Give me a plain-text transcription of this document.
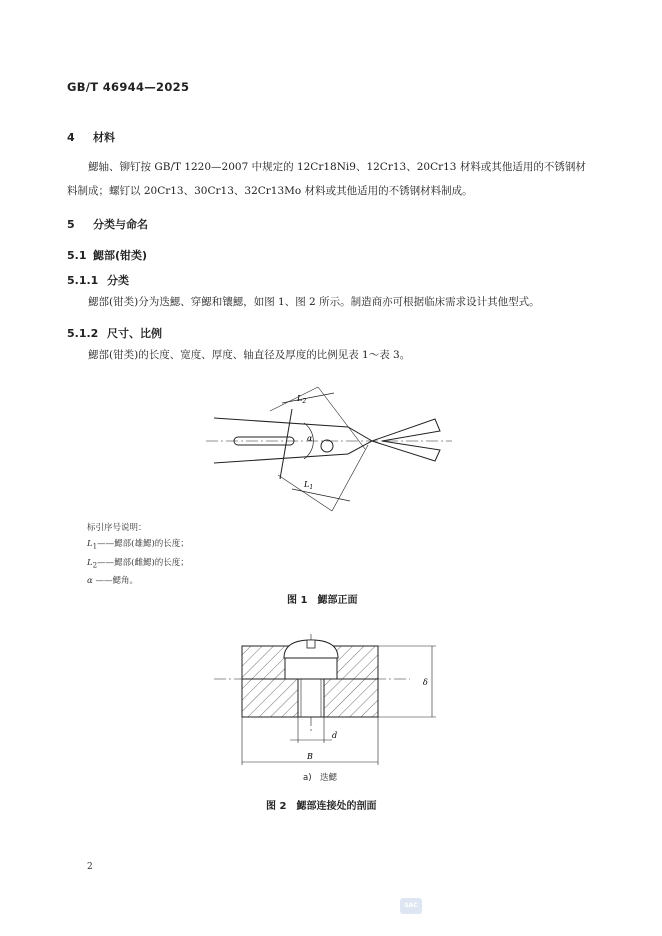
GB/T 46944—2025
4 材料
鰓轴、铆钉按 GB/T 1220—2007 中规定的 12Cr18Ni9、12Cr13、20Cr13 材料或其他适用的不锈钢材料制成；螺钉以 20Cr13、30Cr13、32Cr13Mo 材料或其他适用的不锈钢材料制成。
5 分类与命名
5.1 鰓部(钳类)
5.1.1 分类
鰓部(钳类)分为迭鰓、穿鰓和镶鰓，如图 1、图 2 所示。制造商亦可根据临床需求设计其他型式。
5.1.2 尺寸、比例
鰓部(钳类)的长度、宽度、厚度、轴直径及厚度的比例见表 1～表 3。
$L_2$
α
$L_1$
标引序号说明：
$L_1——$鰓部(雄鰓)的长度；
$L_2——$鰓部(雌鰓)的长度；
α ——鰓角。
图 1　鰓部正面
d
B
δ
a)　迭鰓
图 2　鰓部连接处的剖面
2
SAC
